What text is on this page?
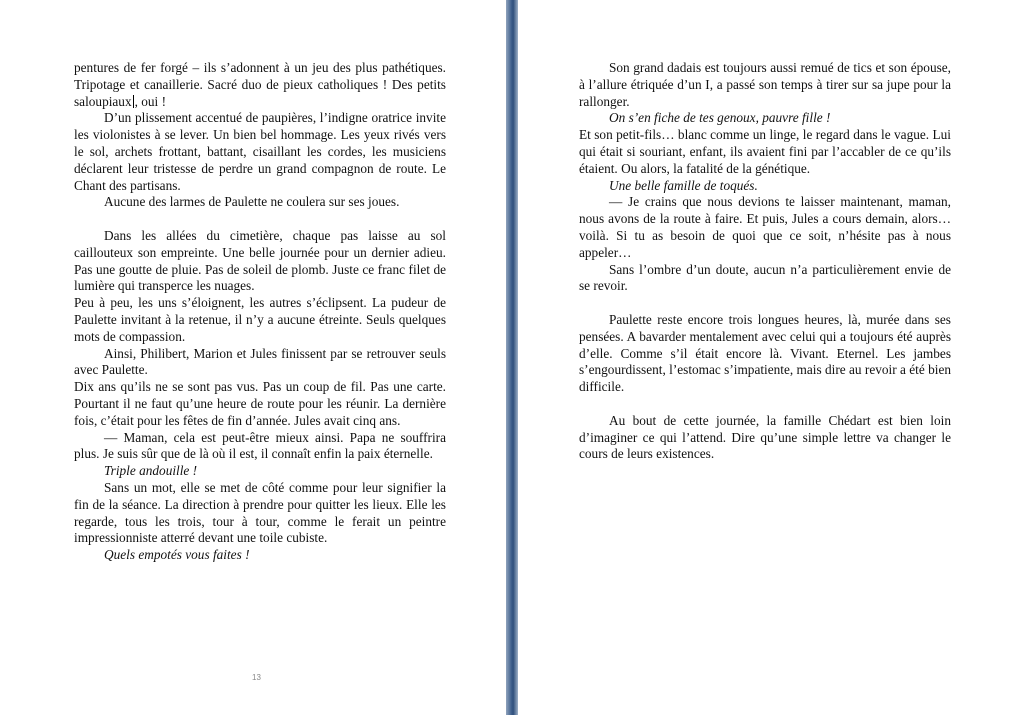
pentures de fer forgé – ils s’adonnent à un jeu des plus pathétiques. Tripotage et canaillerie. Sacré duo de pieux catholiques ! Des petits saloupiaux , oui !

D’un plissement accentué de paupières, l’indigne oratrice invite les violonistes à se lever. Un bien bel hommage. Les yeux rivés vers le sol, archets frottant, battant, cisaillant les cordes, les musiciens déclarent leur tristesse de perdre un grand compagnon de route. Le Chant des partisans.

Aucune des larmes de Paulette ne coulera sur ses joues.

Dans les allées du cimetière, chaque pas laisse au sol caillouteux son empreinte. Une belle journée pour un dernier adieu. Pas une goutte de pluie. Pas de soleil de plomb. Juste ce franc filet de lumière qui transperce les nuages.

Peu à peu, les uns s’éloignent, les autres s’éclipsent. La pudeur de Paulette invitant à la retenue, il n’y a aucune étreinte. Seuls quelques mots de compassion.

Ainsi, Philibert, Marion et Jules finissent par se retrouver seuls avec Paulette.

Dix ans qu’ils ne se sont pas vus. Pas un coup de fil. Pas une carte. Pourtant il ne faut qu’une heure de route pour les réunir. La dernière fois, c’était pour les fêtes de fin d’année. Jules avait cinq ans.

— Maman, cela est peut-être mieux ainsi. Papa ne souffrira plus. Je suis sûr que de là où il est, il connaît enfin la paix éternelle.

Triple andouille !

Sans un mot, elle se met de côté comme pour leur signifier la fin de la séance. La direction à prendre pour quitter les lieux. Elle les regarde, tous les trois, tour à tour, comme le ferait un peintre impressionniste atterré devant une toile cubiste.

Quels empotés vous faites !

13

Son grand dadais est toujours aussi remué de tics et son épouse, à l’allure étriquée d’un I, a passé son temps à tirer sur sa jupe pour la rallonger.

On s’en fiche de tes genoux, pauvre fille !

Et son petit-fils… blanc comme un linge, le regard dans le vague. Lui qui était si souriant, enfant, ils avaient fini par l’accabler de ce qu’ils étaient. Ou alors, la fatalité de la génétique.

Une belle famille de toqués.

— Je crains que nous devions te laisser maintenant, maman, nous avons de la route à faire. Et puis, Jules a cours demain, alors… voilà. Si tu as besoin de quoi que ce soit, n’hésite pas à nous appeler…

Sans l’ombre d’un doute, aucun n’a particulièrement envie de se revoir.

Paulette reste encore trois longues heures, là, murée dans ses pensées. A bavarder mentalement avec celui qui a toujours été auprès d’elle. Comme s’il était encore là. Vivant. Eternel. Les jambes s’engourdissent, l’estomac s’impatiente, mais dire au revoir a été bien difficile.

Au bout de cette journée, la famille Chédart est bien loin d’imaginer ce qui l’attend. Dire qu’une simple lettre va changer le cours de leurs existences.
